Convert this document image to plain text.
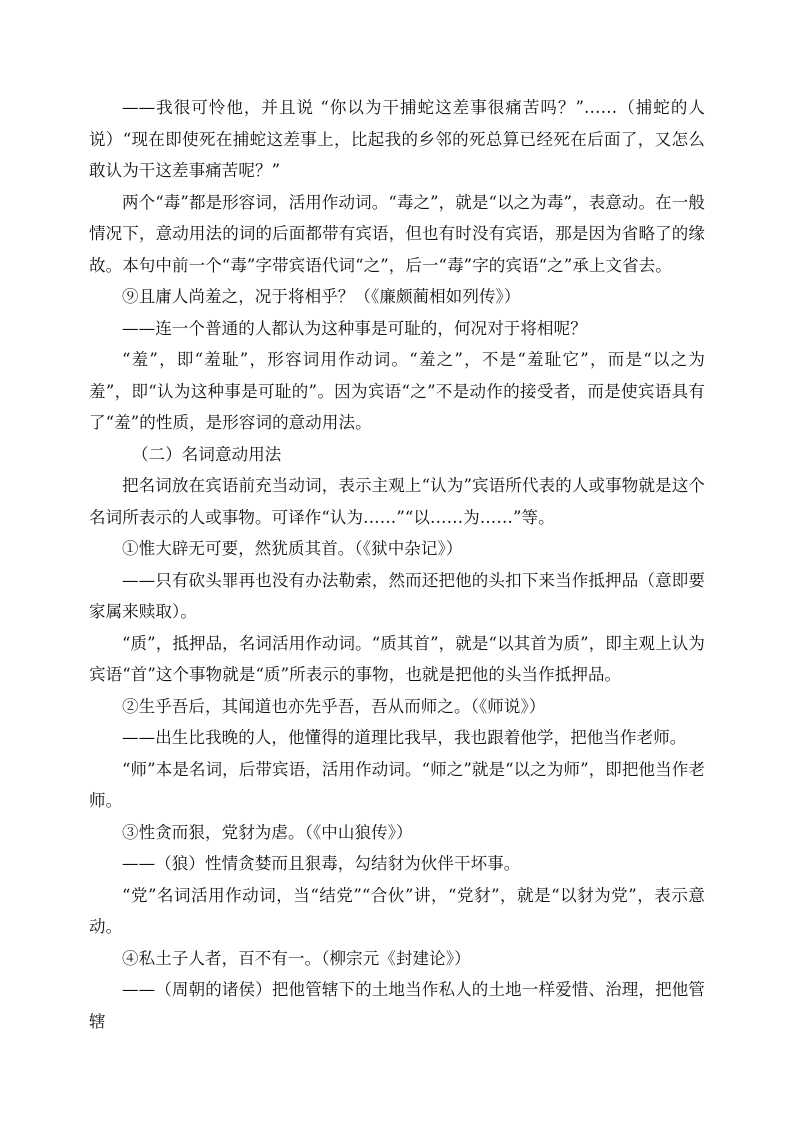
——我很可怜他，并且说 “你以为干捕蛇这差事很痛苦吗？”……（捕蛇的人说）“现在即使死在捕蛇这差事上，比起我的乡邻的死总算已经死在后面了，又怎么敢认为干这差事痛苦呢？”

两个“毒”都是形容词，活用作动词。“毒之”，就是“以之为毒”，表意动。在一般情况下，意动用法的词的后面都带有宾语，但也有时没有宾语，那是因为省略了的缘故。本句中前一个“毒”字带宾语代词“之”，后一“毒”字的宾语“之”承上文省去。

⑨且庸人尚羞之，况于将相乎？（《廉颇蔺相如列传》）

——连一个普通的人都认为这种事是可耻的，何况对于将相呢？

“羞”，即“羞耻”，形容词用作动词。“羞之”，不是“羞耻它”，而是“以之为羞”，即“认为这种事是可耻的”。因为宾语“之”不是动作的接受者，而是使宾语具有了“羞”的性质，是形容词的意动用法。

（二）名词意动用法

把名词放在宾语前充当动词，表示主观上“认为”宾语所代表的人或事物就是这个名词所表示的人或事物。可译作“认为……”“以……为……”等。

①惟大辟无可要，然犹质其首。（《狱中杂记》）

——只有砍头罪再也没有办法勒索，然而还把他的头扣下来当作抵押品（意即要家属来赎取）。

“质”，抵押品，名词活用作动词。“质其首”，就是“以其首为质”，即主观上认为宾语“首”这个事物就是“质”所表示的事物，也就是把他的头当作抵押品。

②生乎吾后，其闻道也亦先乎吾，吾从而师之。（《师说》）

——出生比我晚的人，他懂得的道理比我早，我也跟着他学，把他当作老师。

“师”本是名词，后带宾语，活用作动词。“师之”就是“以之为师”，即把他当作老师。

③性贪而狠，党豺为虐。（《中山狼传》）

——（狼）性情贪婪而且狠毒，勾结豺为伙伴干坏事。

“党”名词活用作动词，当“结党”“合伙”讲，“党豺”，就是“以豺为党”，表示意动。

④私土子人者，百不有一。（柳宗元《封建论》）

——（周朝的诸侯）把他管辖下的土地当作私人的土地一样爱惜、治理，把他管辖
